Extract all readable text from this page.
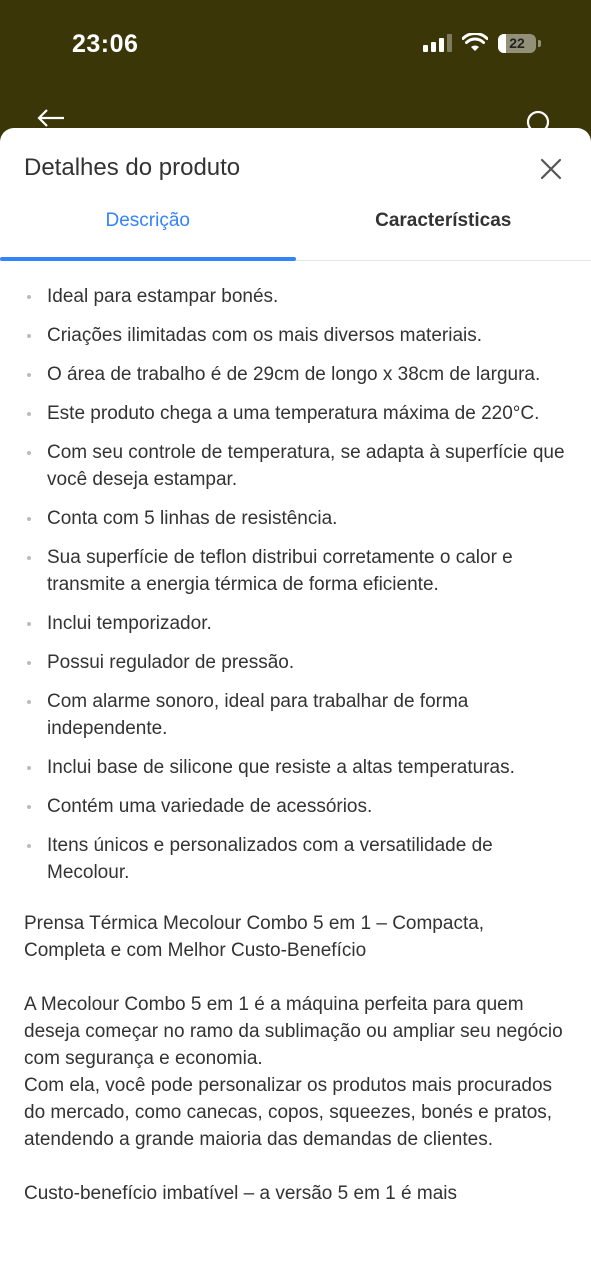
23:06	22
Detalhes do produto
Descrição	Características
Ideal para estampar bonés.
Criações ilimitadas com os mais diversos materiais.
O área de trabalho é de 29cm de longo x 38cm de largura.
Este produto chega a uma temperatura máxima de 220°C.
Com seu controle de temperatura, se adapta à superfície que você deseja estampar.
Conta com 5 linhas de resistência.
Sua superfície de teflon distribui corretamente o calor e transmite a energia térmica de forma eficiente.
Inclui temporizador.
Possui regulador de pressão.
Com alarme sonoro, ideal para trabalhar de forma independente.
Inclui base de silicone que resiste a altas temperaturas.
Contém uma variedade de acessórios.
Itens únicos e personalizados com a versatilidade de Mecolour.

Prensa Térmica Mecolour Combo 5 em 1 – Compacta, Completa e com Melhor Custo-Benefício

A Mecolour Combo 5 em 1 é a máquina perfeita para quem deseja começar no ramo da sublimação ou ampliar seu negócio com segurança e economia.
Com ela, você pode personalizar os produtos mais procurados do mercado, como canecas, copos, squeezes, bonés e pratos, atendendo a grande maioria das demandas de clientes.

Custo-benefício imbatível – a versão 5 em 1 é mais
